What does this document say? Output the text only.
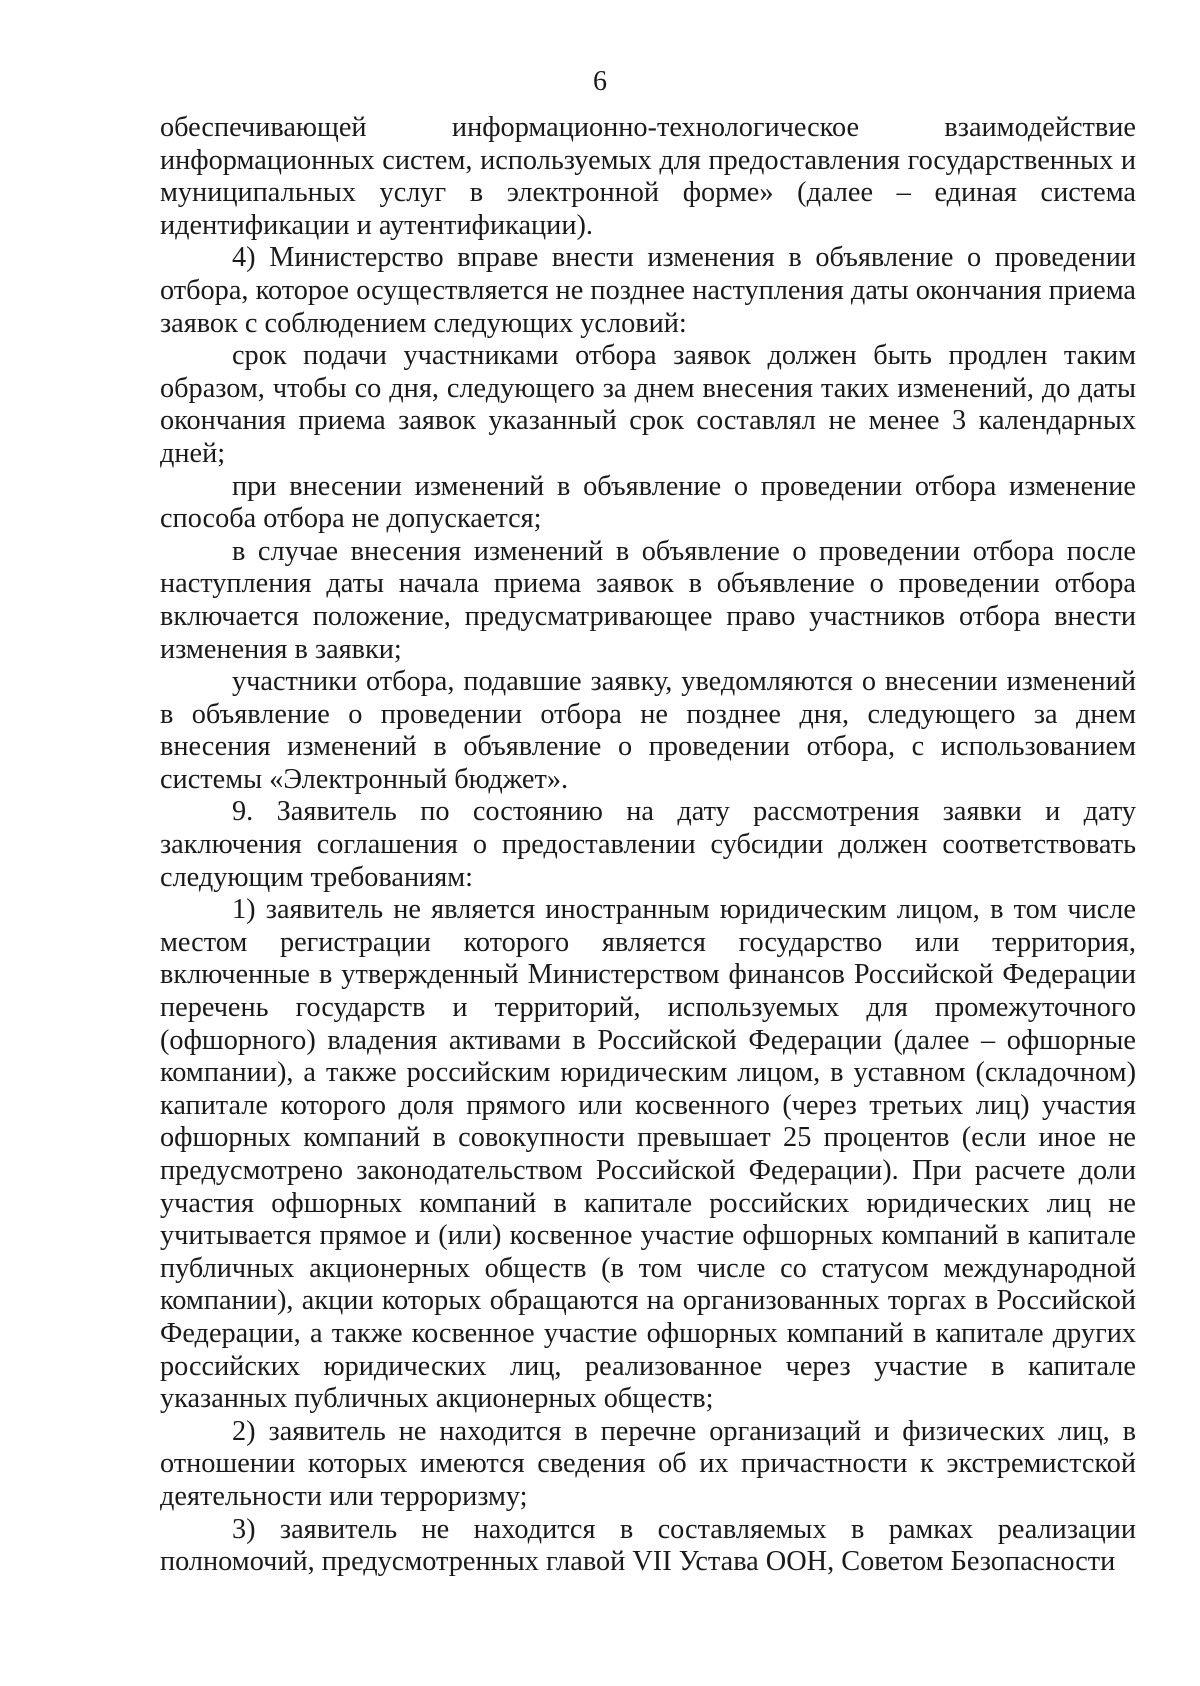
6

обеспечивающей информационно-технологическое взаимодействие информационных систем, используемых для предоставления государственных и муниципальных услуг в электронной форме» (далее – единая система идентификации и аутентификации).

4) Министерство вправе внести изменения в объявление о проведении отбора, которое осуществляется не позднее наступления даты окончания приема заявок с соблюдением следующих условий:

срок подачи участниками отбора заявок должен быть продлен таким образом, чтобы со дня, следующего за днем внесения таких изменений, до даты окончания приема заявок указанный срок составлял не менее 3 календарных дней;

при внесении изменений в объявление о проведении отбора изменение способа отбора не допускается;

в случае внесения изменений в объявление о проведении отбора после наступления даты начала приема заявок в объявление о проведении отбора включается положение, предусматривающее право участников отбора внести изменения в заявки;

участники отбора, подавшие заявку, уведомляются о внесении изменений в объявление о проведении отбора не позднее дня, следующего за днем внесения изменений в объявление о проведении отбора, с использованием системы «Электронный бюджет».

9. Заявитель по состоянию на дату рассмотрения заявки и дату заключения соглашения о предоставлении субсидии должен соответствовать следующим требованиям:

1) заявитель не является иностранным юридическим лицом, в том числе местом регистрации которого является государство или территория, включенные в утвержденный Министерством финансов Российской Федерации перечень государств и территорий, используемых для промежуточного (офшорного) владения активами в Российской Федерации (далее – офшорные компании), а также российским юридическим лицом, в уставном (складочном) капитале которого доля прямого или косвенного (через третьих лиц) участия офшорных компаний в совокупности превышает 25 процентов (если иное не предусмотрено законодательством Российской Федерации). При расчете доли участия офшорных компаний в капитале российских юридических лиц не учитывается прямое и (или) косвенное участие офшорных компаний в капитале публичных акционерных обществ (в том числе со статусом международной компании), акции которых обращаются на организованных торгах в Российской Федерации, а также косвенное участие офшорных компаний в капитале других российских юридических лиц, реализованное через участие в капитале указанных публичных акционерных обществ;

2) заявитель не находится в перечне организаций и физических лиц, в отношении которых имеются сведения об их причастности к экстремистской деятельности или терроризму;

3) заявитель не находится в составляемых в рамках реализации полномочий, предусмотренных главой VII Устава ООН, Советом Безопасности
